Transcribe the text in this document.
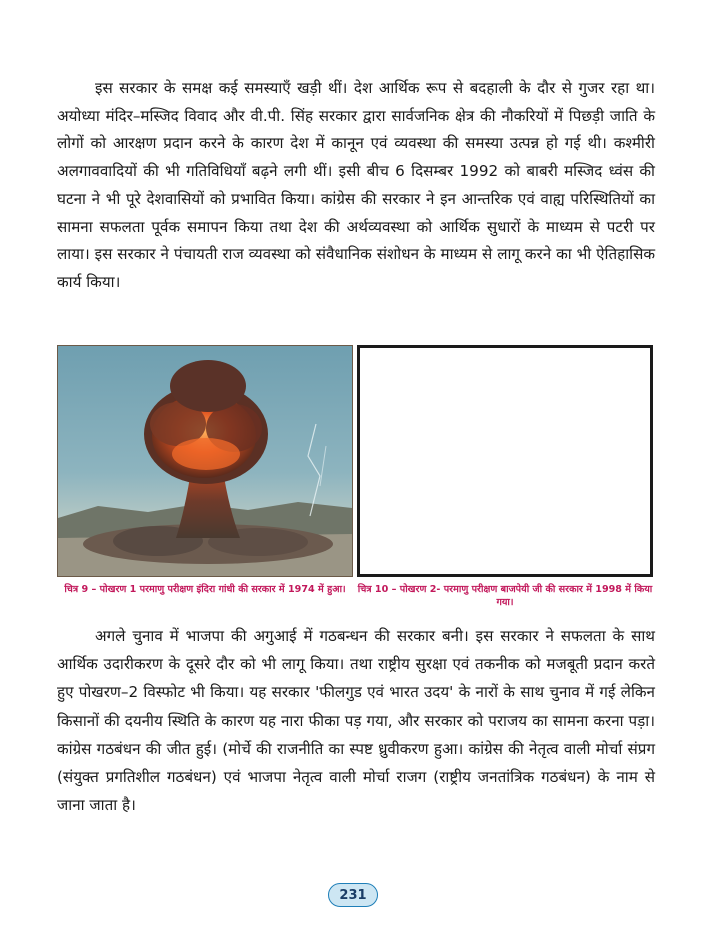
इस सरकार के समक्ष कई समस्याएँ खड़ी थीं। देश आर्थिक रूप से बदहाली के दौर से गुजर रहा था। अयोध्या मंदिर–मस्जिद विवाद और वी.पी. सिंह सरकार द्वारा सार्वजनिक क्षेत्र की नौकरियों में पिछड़ी जाति के लोगों को आरक्षण प्रदान करने के कारण देश में कानून एवं व्यवस्था की समस्या उत्पन्न हो गई थी। कश्मीरी अलगाववादियों की भी गतिविधियाँ बढ़ने लगी थीं। इसी बीच 6 दिसम्बर 1992 को बाबरी मस्जिद ध्वंस की घटना ने भी पूरे देशवासियों को प्रभावित किया। कांग्रेस की सरकार ने इन आन्तरिक एवं वाह्य परिस्थितियों का सामना सफलता पूर्वक समापन किया तथा देश की अर्थव्यवस्था को आर्थिक सुधारों के माध्यम से पटरी पर लाया। इस सरकार ने पंचायती राज व्यवस्था को संवैधानिक संशोधन के माध्यम से लागू करने का भी ऐतिहासिक कार्य किया।

चित्र 9 – पोखरण 1 परमाणु परीक्षण इंदिरा गांधी की सरकार में 1974 में हुआ।	चित्र 10 – पोखरण 2- परमाणु परीक्षण बाजपेयी जी की सरकार में 1998 में किया गया।

अगले चुनाव में भाजपा की अगुआई में गठबन्धन की सरकार बनी। इस सरकार ने सफलता के साथ आर्थिक उदारीकरण के दूसरे दौर को भी लागू किया। तथा राष्ट्रीय सुरक्षा एवं तकनीक को मजबूती प्रदान करते हुए पोखरण–2 विस्फोट भी किया। यह सरकार 'फीलगुड एवं भारत उदय' के नारों के साथ चुनाव में गई लेकिन किसानों की दयनीय स्थिति के कारण यह नारा फीका पड़ गया, और सरकार को पराजय का सामना करना पड़ा। कांग्रेस गठबंधन की जीत हुई। (मोर्चे की राजनीति का स्पष्ट ध्रुवीकरण हुआ। कांग्रेस की नेतृत्व वाली मोर्चा संप्रग (संयुक्त प्रगतिशील गठबंधन) एवं भाजपा नेतृत्व वाली मोर्चा राजग (राष्ट्रीय जनतांत्रिक गठबंधन) के नाम से जाना जाता है।

231
